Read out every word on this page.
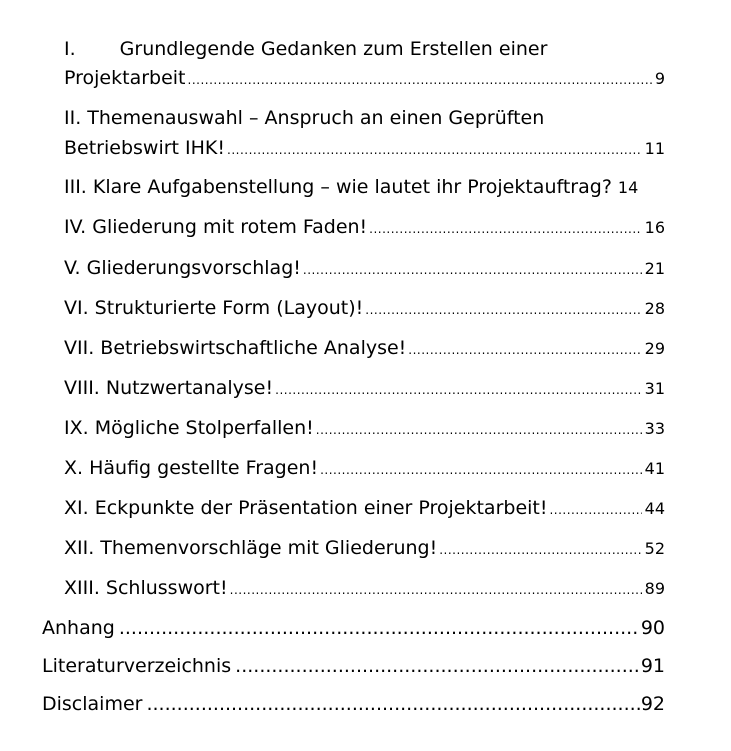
I. Grundlegende Gedanken zum Erstellen einer
Projektarbeit .....	9
II. Themenauswahl – Anspruch an einen Geprüften
Betriebswirt IHK! .....	11
III. Klare Aufgabenstellung – wie lautet ihr Projektauftrag? 14
IV. Gliederung mit rotem Faden! .....	16
V. Gliederungsvorschlag! .....	21
VI. Strukturierte Form (Layout)! .....	28
VII. Betriebswirtschaftliche Analyse! .....	29
VIII. Nutzwertanalyse! .....	31
IX. Mögliche Stolperfallen! .....	33
X. Häufig gestellte Fragen! .....	41
XI. Eckpunkte der Präsentation einer Projektarbeit! .....	44
XII. Themenvorschläge mit Gliederung! .....	52
XIII. Schlusswort! .....	89
Anhang .....	90
Literaturverzeichnis .....	91
Disclaimer .....	92
